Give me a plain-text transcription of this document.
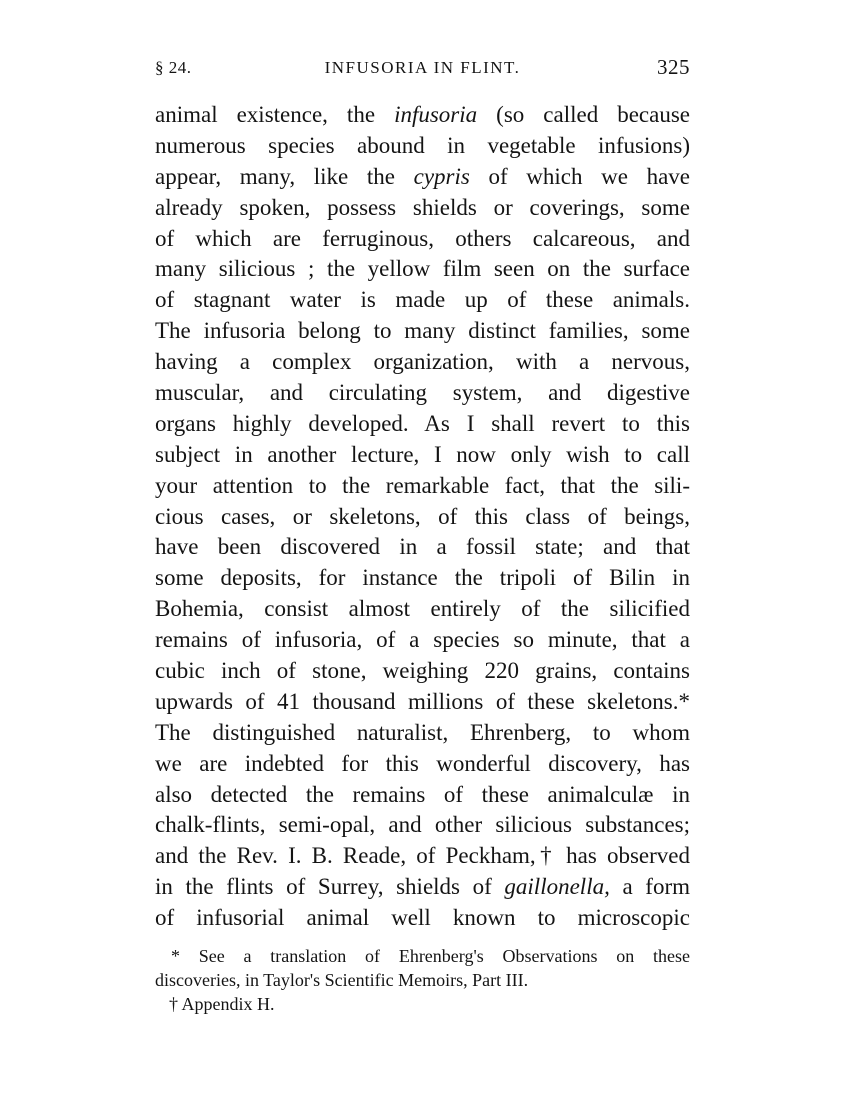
§ 24.	INFUSORIA IN FLINT.	325
animal existence, the infusoria (so called because
numerous species abound in vegetable infusions)
appear, many, like the cypris of which we have
already spoken, possess shields or coverings, some
of which are ferruginous, others calcareous, and
many silicious ; the yellow film seen on the surface
of stagnant water is made up of these animals.
The infusoria belong to many distinct families, some
having a complex organization, with a nervous,
muscular, and circulating system, and digestive
organs highly developed. As I shall revert to this
subject in another lecture, I now only wish to call
your attention to the remarkable fact, that the sili-
cious cases, or skeletons, of this class of beings,
have been discovered in a fossil state; and that
some deposits, for instance the tripoli of Bilin in
Bohemia, consist almost entirely of the silicified
remains of infusoria, of a species so minute, that a
cubic inch of stone, weighing 220 grains, contains
upwards of 41 thousand millions of these skeletons.*
The distinguished naturalist, Ehrenberg, to whom
we are indebted for this wonderful discovery, has
also detected the remains of these animalculæ in
chalk-flints, semi-opal, and other silicious substances;
and the Rev. I. B. Reade, of Peckham,† has observed
in the flints of Surrey, shields of gaillonella, a form
of infusorial animal well known to microscopic
* See a translation of Ehrenberg's Observations on these
discoveries, in Taylor's Scientific Memoirs, Part III.
† Appendix H.
